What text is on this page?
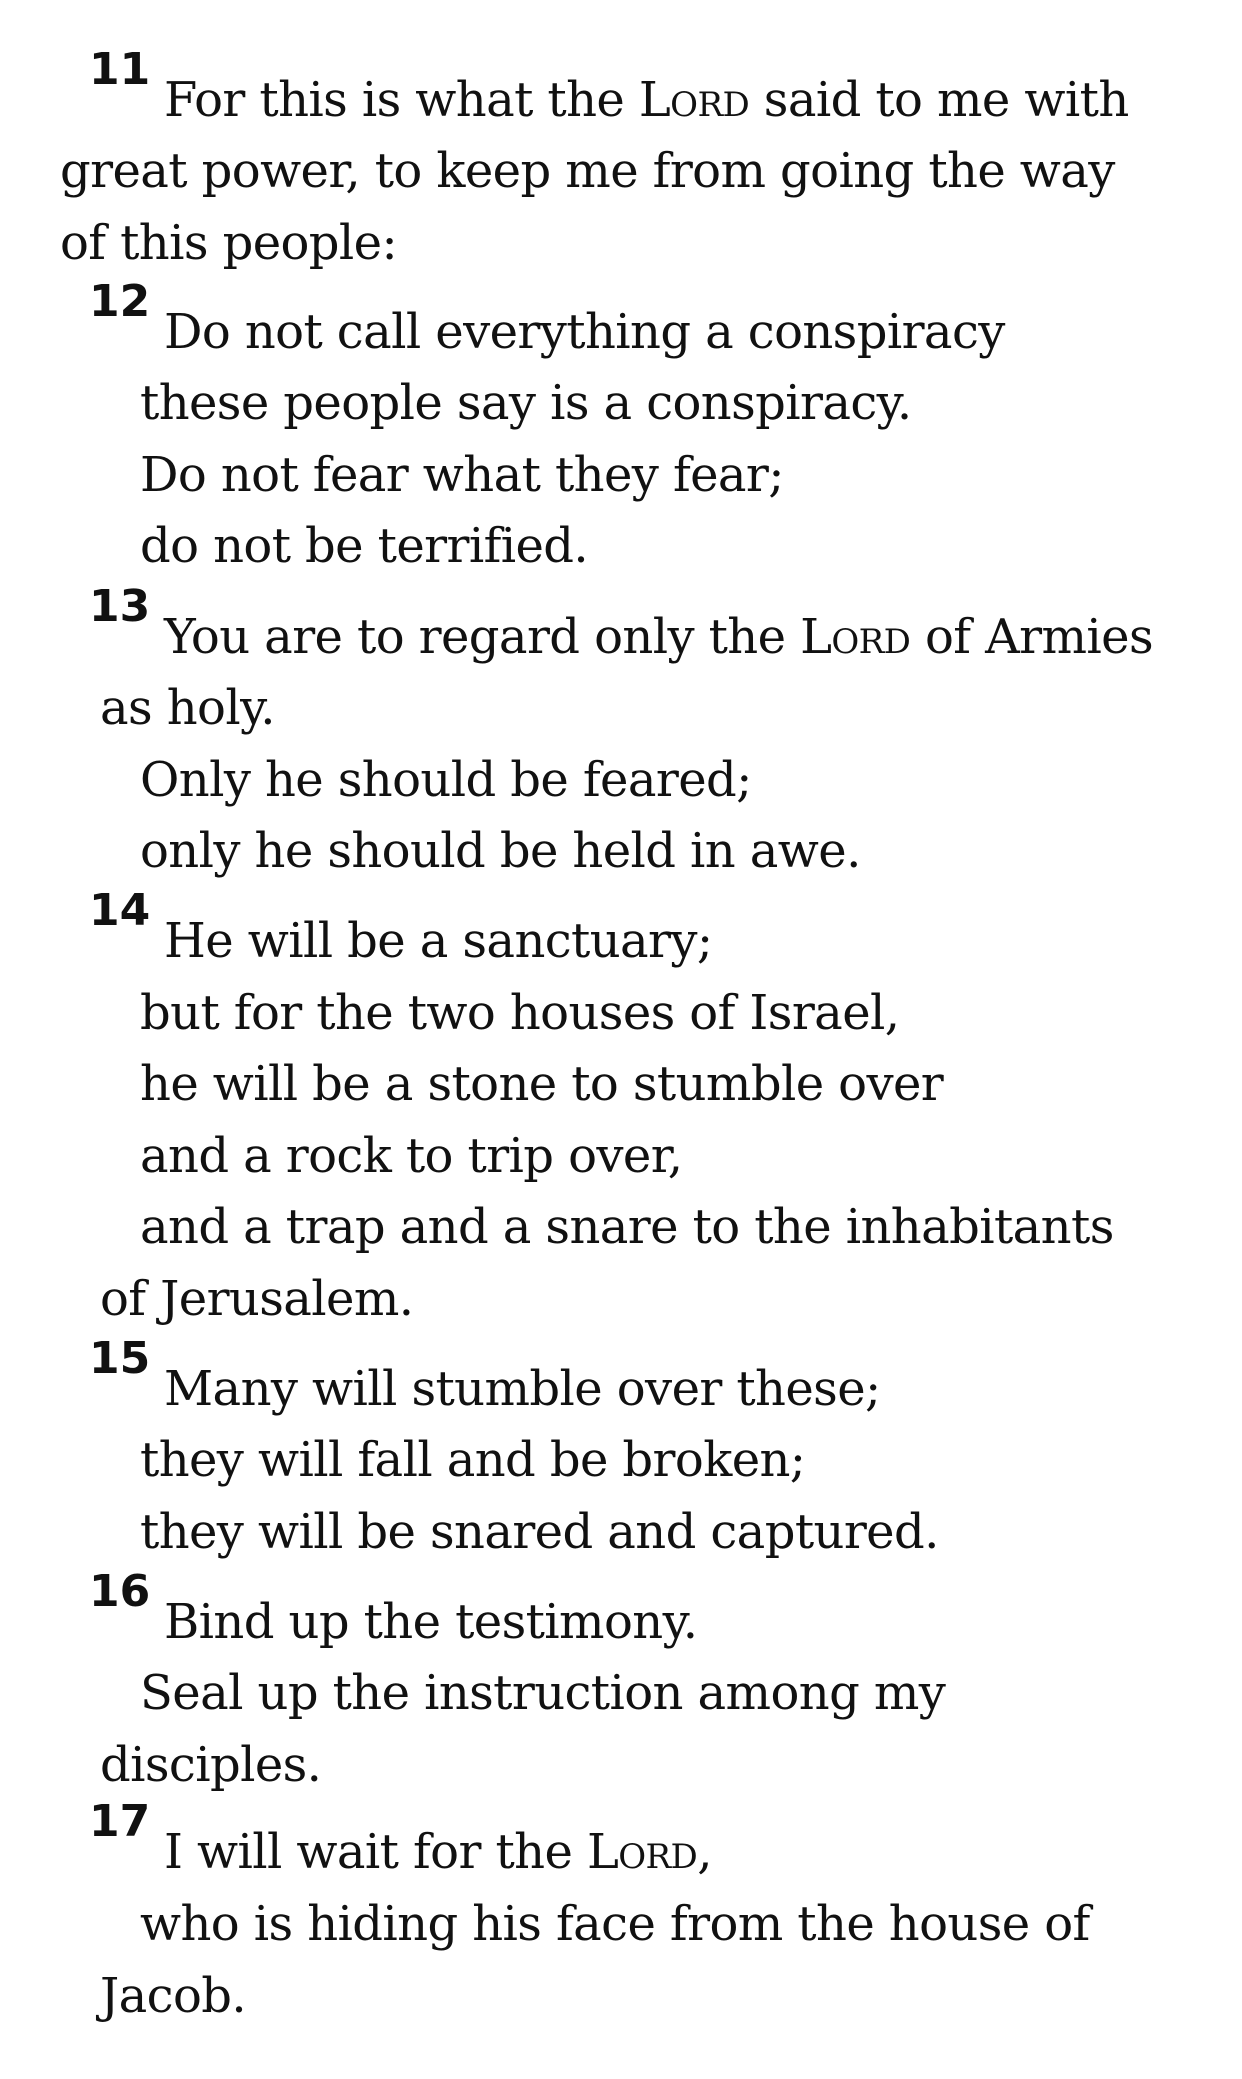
11
For this is what the Lord said to me with
great power, to keep me from going the way
of this people:
12
Do not call everything a conspiracy
these people say is a conspiracy.
Do not fear what they fear;
do not be terrified.
13
You are to regard only the Lord of Armies
as holy.
Only he should be feared;
only he should be held in awe.
14
He will be a sanctuary;
but for the two houses of Israel,
he will be a stone to stumble over
and a rock to trip over,
and a trap and a snare to the inhabitants
of Jerusalem.
15
Many will stumble over these;
they will fall and be broken;
they will be snared and captured.
16
Bind up the testimony.
Seal up the instruction among my
disciples.
17
I will wait for the Lord,
who is hiding his face from the house of
Jacob.
